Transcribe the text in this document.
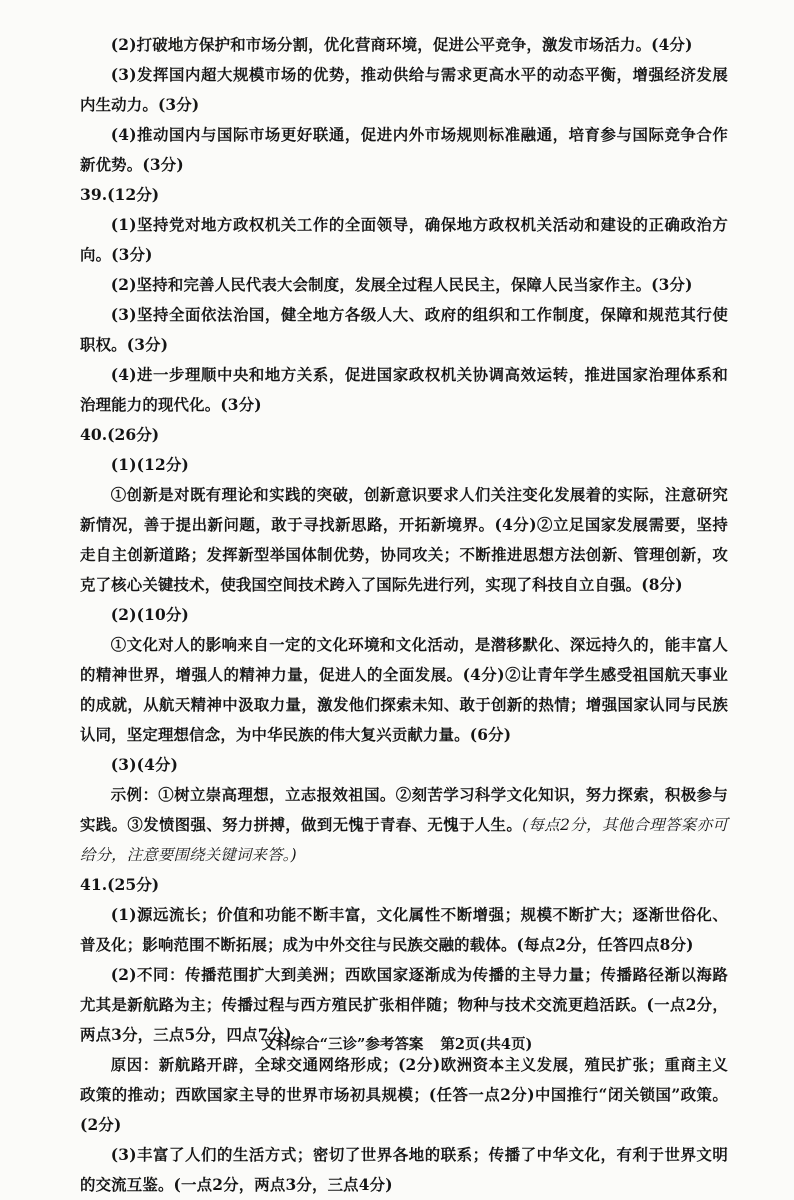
(2)打破地方保护和市场分割，优化营商环境，促进公平竞争，激发市场活力。(4分)

(3)发挥国内超大规模市场的优势，推动供给与需求更高水平的动态平衡，增强经济发展内生动力。(3分)

(4)推动国内与国际市场更好联通，促进内外市场规则标准融通，培育参与国际竞争合作新优势。(3分)

39.(12分)

(1)坚持党对地方政权机关工作的全面领导，确保地方政权机关活动和建设的正确政治方向。(3分)

(2)坚持和完善人民代表大会制度，发展全过程人民民主，保障人民当家作主。(3分)

(3)坚持全面依法治国，健全地方各级人大、政府的组织和工作制度，保障和规范其行使职权。(3分)

(4)进一步理顺中央和地方关系，促进国家政权机关协调高效运转，推进国家治理体系和治理能力的现代化。(3分)

40.(26分)

(1)(12分)

①创新是对既有理论和实践的突破，创新意识要求人们关注变化发展着的实际，注意研究新情况，善于提出新问题，敢于寻找新思路，开拓新境界。(4分)②立足国家发展需要，坚持走自主创新道路；发挥新型举国体制优势，协同攻关；不断推进思想方法创新、管理创新，攻克了核心关键技术，使我国空间技术跨入了国际先进行列，实现了科技自立自强。(8分)

(2)(10分)

①文化对人的影响来自一定的文化环境和文化活动，是潜移默化、深远持久的，能丰富人的精神世界，增强人的精神力量，促进人的全面发展。(4分)②让青年学生感受祖国航天事业的成就，从航天精神中汲取力量，激发他们探索未知、敢于创新的热情；增强国家认同与民族认同，坚定理想信念，为中华民族的伟大复兴贡献力量。(6分)

(3)(4分)

示例：①树立崇高理想，立志报效祖国。②刻苦学习科学文化知识，努力探索，积极参与实践。③发愤图强、努力拼搏，做到无愧于青春、无愧于人生。(每点2分，其他合理答案亦可给分，注意要围绕关键词来答。)

41.(25分)

(1)源远流长；价值和功能不断丰富，文化属性不断增强；规模不断扩大；逐渐世俗化、普及化；影响范围不断拓展；成为中外交往与民族交融的载体。(每点2分，任答四点8分)

(2)不同：传播范围扩大到美洲；西欧国家逐渐成为传播的主导力量；传播路径渐以海路尤其是新航路为主；传播过程与西方殖民扩张相伴随；物种与技术交流更趋活跃。(一点2分，两点3分，三点5分，四点7分)

原因：新航路开辟，全球交通网络形成；(2分)欧洲资本主义发展，殖民扩张；重商主义政策的推动；西欧国家主导的世界市场初具规模；(任答一点2分)中国推行“闭关锁国”政策。(2分)

(3)丰富了人们的生活方式；密切了世界各地的联系；传播了中华文化，有利于世界文明的交流互鉴。(一点2分，两点3分，三点4分)

文科综合“三诊”参考答案 第2页(共4页)
